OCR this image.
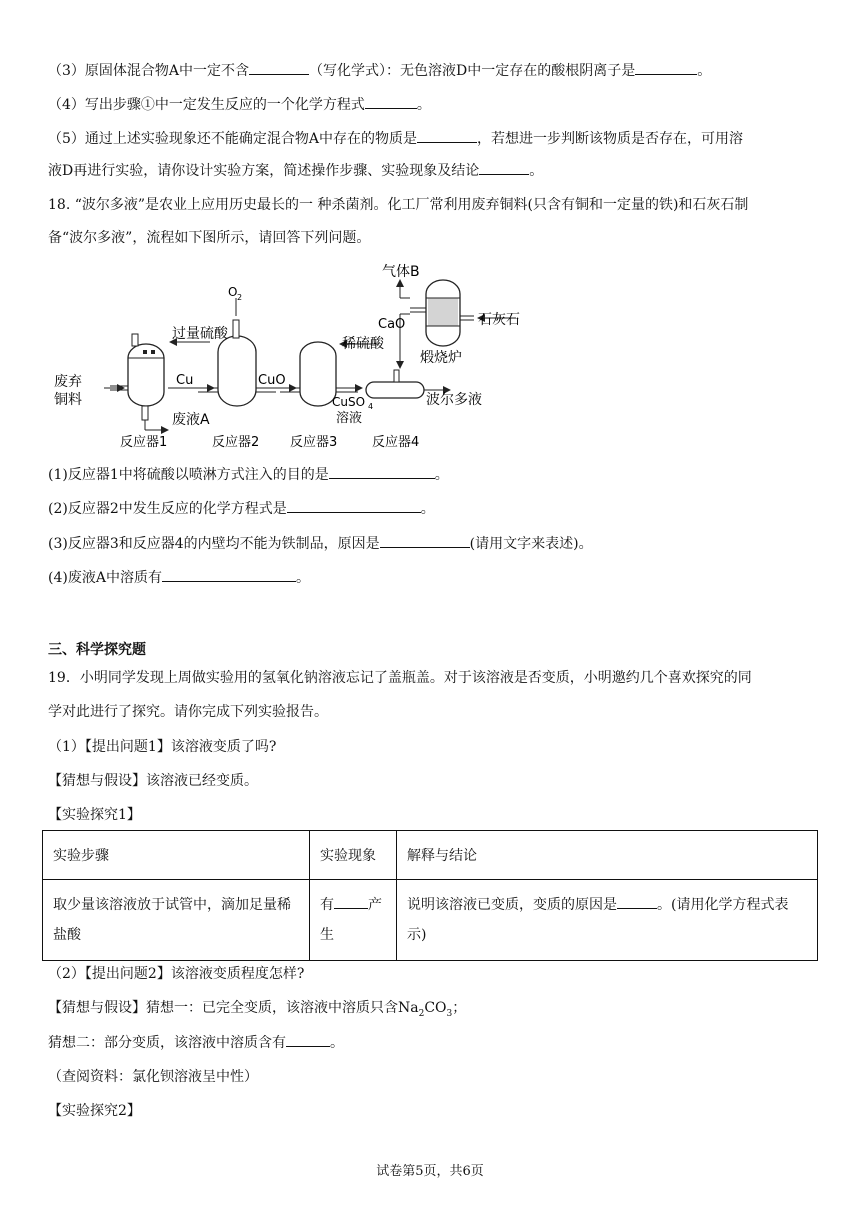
（3）原固体混合物A中一定不含	（写化学式）：无色溶液D中一定存在的酸根阴离子是	。
（4）写出步骤①中一定发生反应的一个化学方程式	。
（5）通过上述实验现象还不能确定混合物A中存在的物质是	，若想进一步判断该物质是否存在，可用溶
液D再进行实验，请你设计实验方案，简述操作步骤、实验现象及结论	。
18. “波尔多液”是农业上应用历史最长的一 种杀菌剂。化工厂常利用废弃铜料(只含有铜和一定量的铁)和石灰石制
备“波尔多液”，流程如下图所示，请回答下列问题。
废弃
铜料
气体B
O 2
CaO	石灰石
过量硫酸
稀硫酸
煅烧炉
Cu	CuO
CuSO 4
溶液
废液A
波尔多液
反应器1	反应器2 反应器3	反应器4
(1)反应器1中将硫酸以喷淋方式注入的目的是	。
(2)反应器2中发生反应的化学方程式是	。
(3)反应器3和反应器4的内壁均不能为铁制品，原因是	(请用文字来表述)。
(4)废液A中溶质有	。
三、科学探究题
19．小明同学发现上周做实验用的氢氧化钠溶液忘记了盖瓶盖。对于该溶液是否变质，小明邀约几个喜欢探究的同
学对此进行了探究。请你完成下列实验报告。
（1）【提出问题1】该溶液变质了吗?
【猜想与假设】该溶液已经变质。
【实验探究1】
实验步骤	实验现象	解释与结论
取少量该溶液放于试管中，滴加足量稀盐酸	有 产生	说明该溶液已变质，变质的原因是 。(请用化学方程式表示)
（2）【提出问题2】该溶液变质程度怎样?
【猜想与假设】猜想一：已完全变质，该溶液中溶质只含$Na_2CO_3$；
猜想二：部分变质，该溶液中溶质含有	。
（查阅资料：氯化钡溶液呈中性）
【实验探究2】
试卷第5页，共6页
